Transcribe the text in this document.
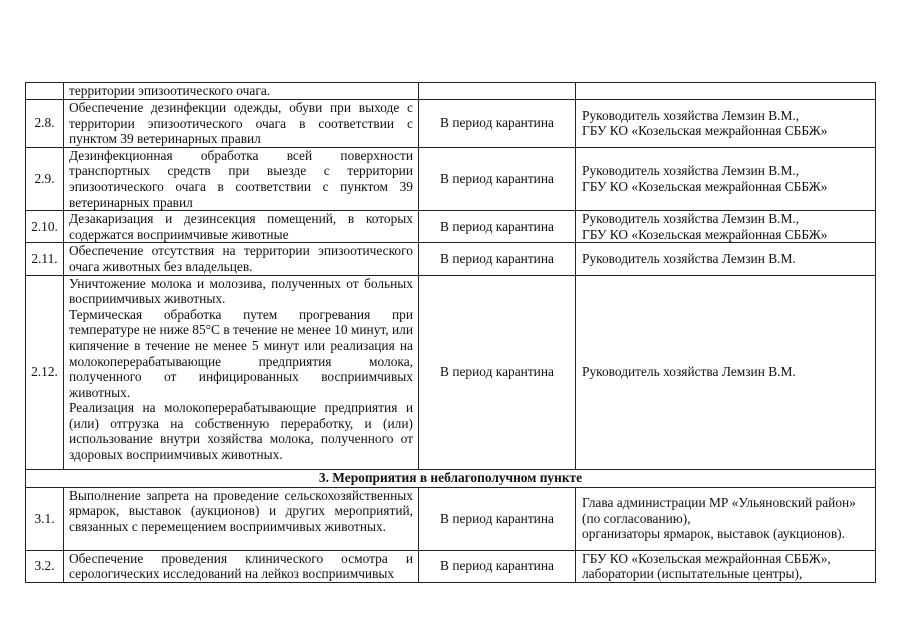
	территории эпизоотического очага.		

2.8.	Обеспечение дезинфекции одежды, обуви при выходе с территории эпизоотического очага в соответствии с пунктом 39 ветеринарных правил	В период карантина	Руководитель хозяйства Лемзин В.М.,
ГБУ КО «Козельская межрайонная СББЖ»
2.9.	Дезинфекционная обработка всей поверхности транспортных средств при выезде с территории эпизоотического очага в соответствии с пунктом 39 ветеринарных правил	В период карантина	Руководитель хозяйства Лемзин В.М.,
ГБУ КО «Козельская межрайонная СББЖ»
2.10.	Дезакаризация и дезинсекция помещений, в которых содержатся восприимчивые животные	В период карантина	Руководитель хозяйства Лемзин В.М.,
ГБУ КО «Козельская межрайонная СББЖ»
2.11.	Обеспечение отсутствия на территории эпизоотического очага животных без владельцев.	В период карантина	Руководитель хозяйства Лемзин В.М.
2.12.	Уничтожение молока и молозива, полученных от больных восприимчивых животных.

Термическая обработка путем прогревания при температуре не ниже 85°С в течение не менее 10 минут, или кипячение в течение не менее 5 минут или реализация на молокоперерабатывающие предприятия молока, полученного от инфицированных восприимчивых животных.

Реализация на молокоперерабатывающие предприятия и (или) отгрузка на собственную переработку, и (или) использование внутри хозяйства молока, полученного от здоровых восприимчивых животных.	В период карантина	Руководитель хозяйства Лемзин В.М.
3. Мероприятия в неблагополучном пункте			
3.1.	Выполнение запрета на проведение сельскохозяйственных ярмарок, выставок (аукционов) и других мероприятий, связанных с перемещением восприимчивых животных.	В период карантина	Глава администрации МР «Ульяновский район» (по согласованию),
организаторы ярмарок, выставок (аукционов).
3.2.	Обеспечение проведения клинического осмотра и серологических исследований на лейкоз восприимчивых	В период карантина	ГБУ КО «Козельская межрайонная СББЖ»,
лаборатории (испытательные центры),
